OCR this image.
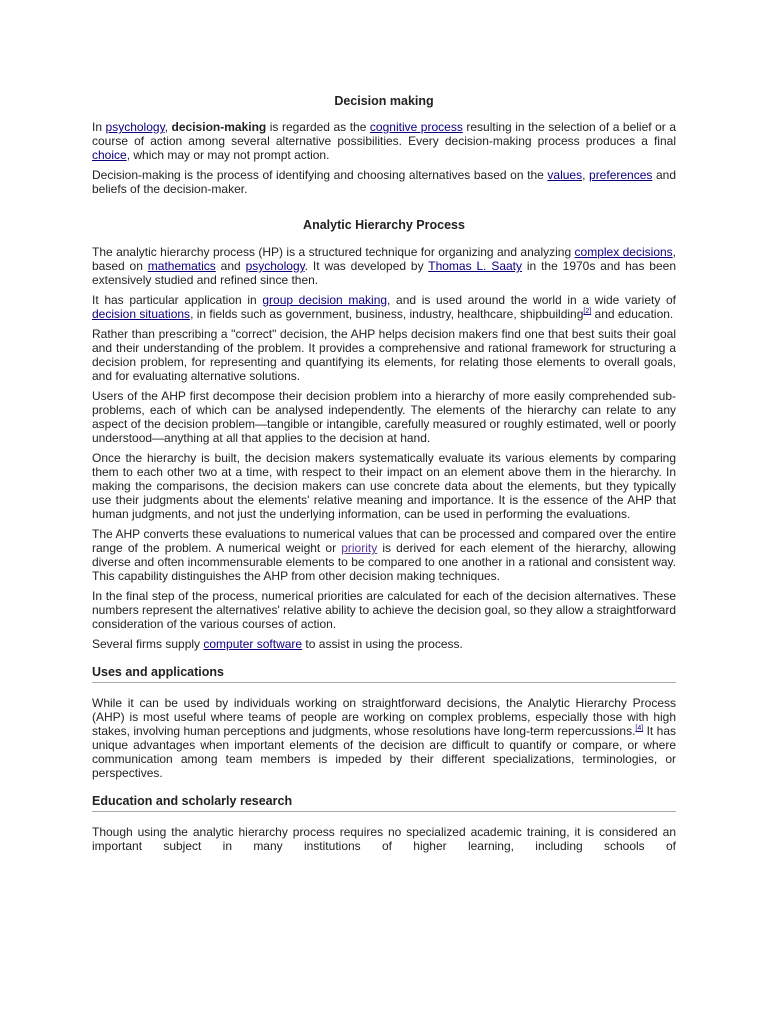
Decision making

In psychology, decision-making is regarded as the cognitive process resulting in the selection of a belief or a course of action among several alternative possibilities. Every decision-making process produces a final choice, which may or may not prompt action.

Decision-making is the process of identifying and choosing alternatives based on the values, preferences and beliefs of the decision-maker.

Analytic Hierarchy Process

The analytic hierarchy process (HP) is a structured technique for organizing and analyzing complex decisions, based on mathematics and psychology. It was developed by Thomas L. Saaty in the 1970s and has been extensively studied and refined since then.

It has particular application in group decision making, and is used around the world in a wide variety of decision situations, in fields such as government, business, industry, healthcare, shipbuilding[2] and education.

Rather than prescribing a "correct" decision, the AHP helps decision makers find one that best suits their goal and their understanding of the problem. It provides a comprehensive and rational framework for structuring a decision problem, for representing and quantifying its elements, for relating those elements to overall goals, and for evaluating alternative solutions.

Users of the AHP first decompose their decision problem into a hierarchy of more easily comprehended sub-problems, each of which can be analysed independently. The elements of the hierarchy can relate to any aspect of the decision problem—tangible or intangible, carefully measured or roughly estimated, well or poorly understood—anything at all that applies to the decision at hand.

Once the hierarchy is built, the decision makers systematically evaluate its various elements by comparing them to each other two at a time, with respect to their impact on an element above them in the hierarchy. In making the comparisons, the decision makers can use concrete data about the elements, but they typically use their judgments about the elements' relative meaning and importance. It is the essence of the AHP that human judgments, and not just the underlying information, can be used in performing the evaluations.

The AHP converts these evaluations to numerical values that can be processed and compared over the entire range of the problem. A numerical weight or priority is derived for each element of the hierarchy, allowing diverse and often incommensurable elements to be compared to one another in a rational and consistent way. This capability distinguishes the AHP from other decision making techniques.

In the final step of the process, numerical priorities are calculated for each of the decision alternatives. These numbers represent the alternatives' relative ability to achieve the decision goal, so they allow a straightforward consideration of the various courses of action.

Several firms supply computer software to assist in using the process.

Uses and applications

While it can be used by individuals working on straightforward decisions, the Analytic Hierarchy Process (AHP) is most useful where teams of people are working on complex problems, especially those with high stakes, involving human perceptions and judgments, whose resolutions have long-term repercussions.[4] It has unique advantages when important elements of the decision are difficult to quantify or compare, or where communication among team members is impeded by their different specializations, terminologies, or perspectives.

Education and scholarly research

Though using the analytic hierarchy process requires no specialized academic training, it is considered an important subject in many institutions of higher learning, including schools of
